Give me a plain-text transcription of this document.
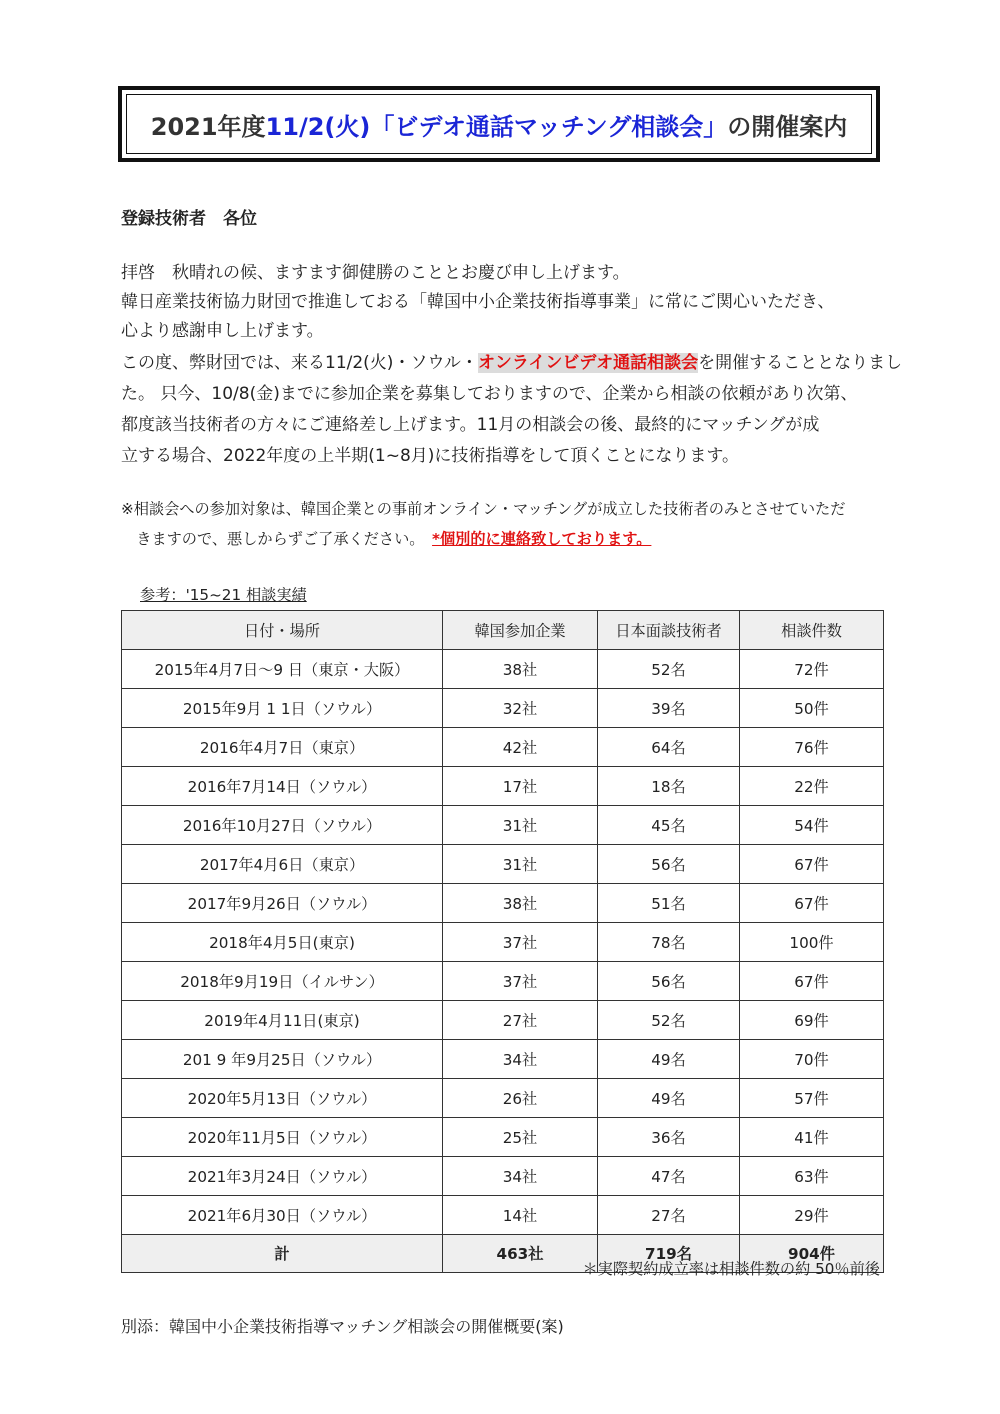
2021年度 11/2(火)「ビデオ通話マッチング相談会」 の開催案内
登録技術者　各位
拝啓　秋晴れの候、ますます御健勝のこととお慶び申し上げます。
韓日産業技術協力財団で推進しておる「韓国中小企業技術指導事業」に常にご関心いただき、
心より感謝申し上げます。
この度、弊財団では、来る11/2(火)・ソウル・オンラインビデオ通話相談会を開催することとなりまし
た。 只今、10/8(金)までに参加企業を募集しておりますので、企業から相談の依頼があり次第、
都度該当技術者の方々にご連絡差し上げます。11月の相談会の後、最終的にマッチングが成
立する場合、2022年度の上半期(1~8月)に技術指導をして頂くことになります。
※相談会への参加対象は、韓国企業との事前オンライン・マッチングが成立した技術者のみとさせていただ
　きますので、悪しからずご了承ください。　*個別的に連絡致しております。
参考：'15~21 相談実績
日付・場所	韓国参加企業	日本面談技術者	相談件数
2015年4月7日～9 日（東京・大阪）	38社	52名	72件
2015年9月 1 1日（ソウル）	32社	39名	50件
2016年4月7日（東京）	42社	64名	76件
2016年7月14日（ソウル）	17社	18名	22件
2016年10月27日（ソウル）	31社	45名	54件
2017年4月6日（東京）	31社	56名	67件
2017年9月26日（ソウル）	38社	51名	67件
2018年4月5日(東京)	37社	78名	100件
2018年9月19日（イルサン）	37社	56名	67件
2019年4月11日(東京)	27社	52名	69件
201 9 年9月25日（ソウル）	34社	49名	70件
2020年5月13日（ソウル）	26社	49名	57件
2020年11月5日（ソウル）	25社	36名	41件
2021年3月24日（ソウル）	34社	47名	63件
2021年6月30日（ソウル）	14社	27名	29件
計	463社	719名	904件
＊実際契約成立率は相談件数の約 50％前後
別添：韓国中小企業技術指導マッチング相談会の開催概要(案)
